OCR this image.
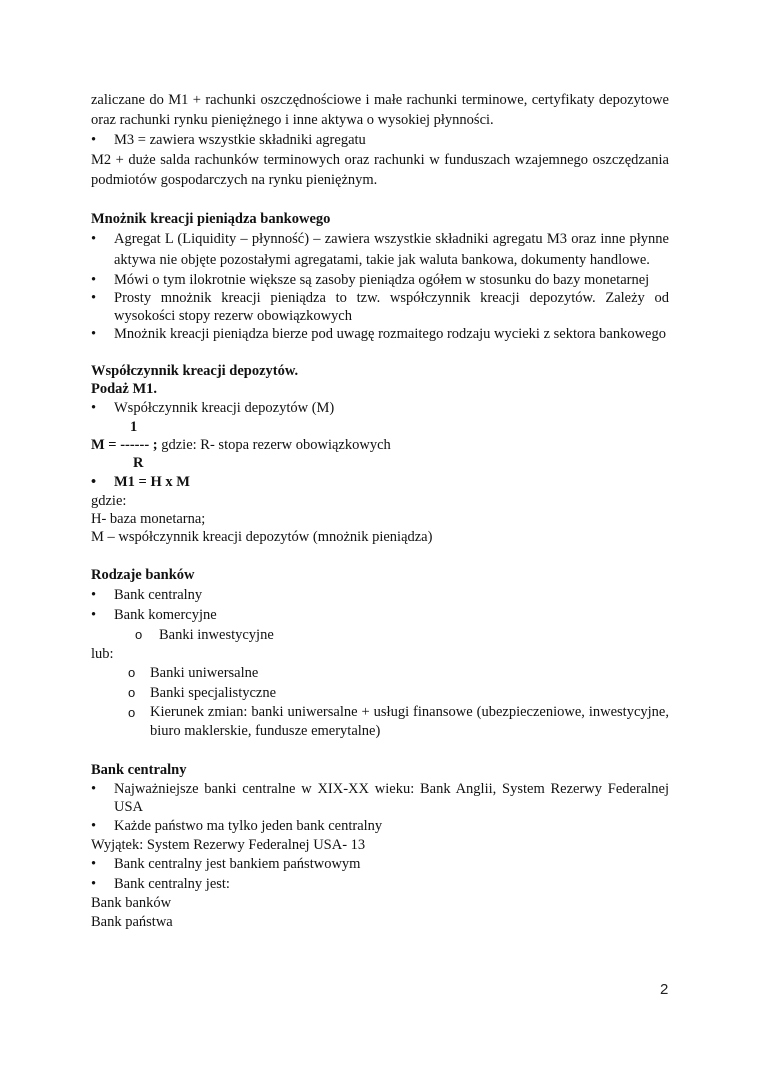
zaliczane do M1 + rachunki oszczędnościowe i małe rachunki terminowe, certyfikaty depozytowe oraz rachunki rynku pieniężnego i inne aktywa o wysokiej płynności.

• M3 = zawiera wszystkie składniki agregatu

M2 + duże salda rachunków terminowych oraz rachunki w funduszach wzajemnego oszczędzania podmiotów gospodarczych na rynku pieniężnym.

Mnożnik kreacji pieniądza bankowego

• Agregat L (Liquidity – płynność) – zawiera wszystkie składniki agregatu M3 oraz inne płynne aktywa nie objęte pozostałymi agregatami, takie jak waluta bankowa, dokumenty handlowe.
• Mówi o tym ilokrotnie większe są zasoby pieniądza ogółem w stosunku do bazy monetarnej
• Prosty mnożnik kreacji pieniądza to tzw. współczynnik kreacji depozytów. Zależy od wysokości stopy rezerw obowiązkowych
• Mnożnik kreacji pieniądza bierze pod uwagę rozmaitego rodzaju wycieki z sektora bankowego

Współczynnik kreacji depozytów.

Podaż M1.

• Współczynnik kreacji depozytów (M)
1

M = ------ ; gdzie: R- stopa rezerw obowiązkowych

R
• M1 = H x M

gdzie:

H- baza monetarna;

M – współczynnik kreacji depozytów (mnożnik pieniądza)

Rodzaje banków

• Bank centralny
• Bank komercyjne
o Banki inwestycyjne

lub:

o Banki uniwersalne
o Banki specjalistyczne
o Kierunek zmian: banki uniwersalne + usługi finansowe (ubezpieczeniowe, inwestycyjne, biuro maklerskie, fundusze emerytalne)

Bank centralny

• Najważniejsze banki centralne w XIX-XX wieku: Bank Anglii, System Rezerwy Federalnej USA
• Każde państwo ma tylko jeden bank centralny

Wyjątek: System Rezerwy Federalnej USA- 13

• Bank centralny jest bankiem państwowym
• Bank centralny jest:

Bank banków

Bank państwa

2
